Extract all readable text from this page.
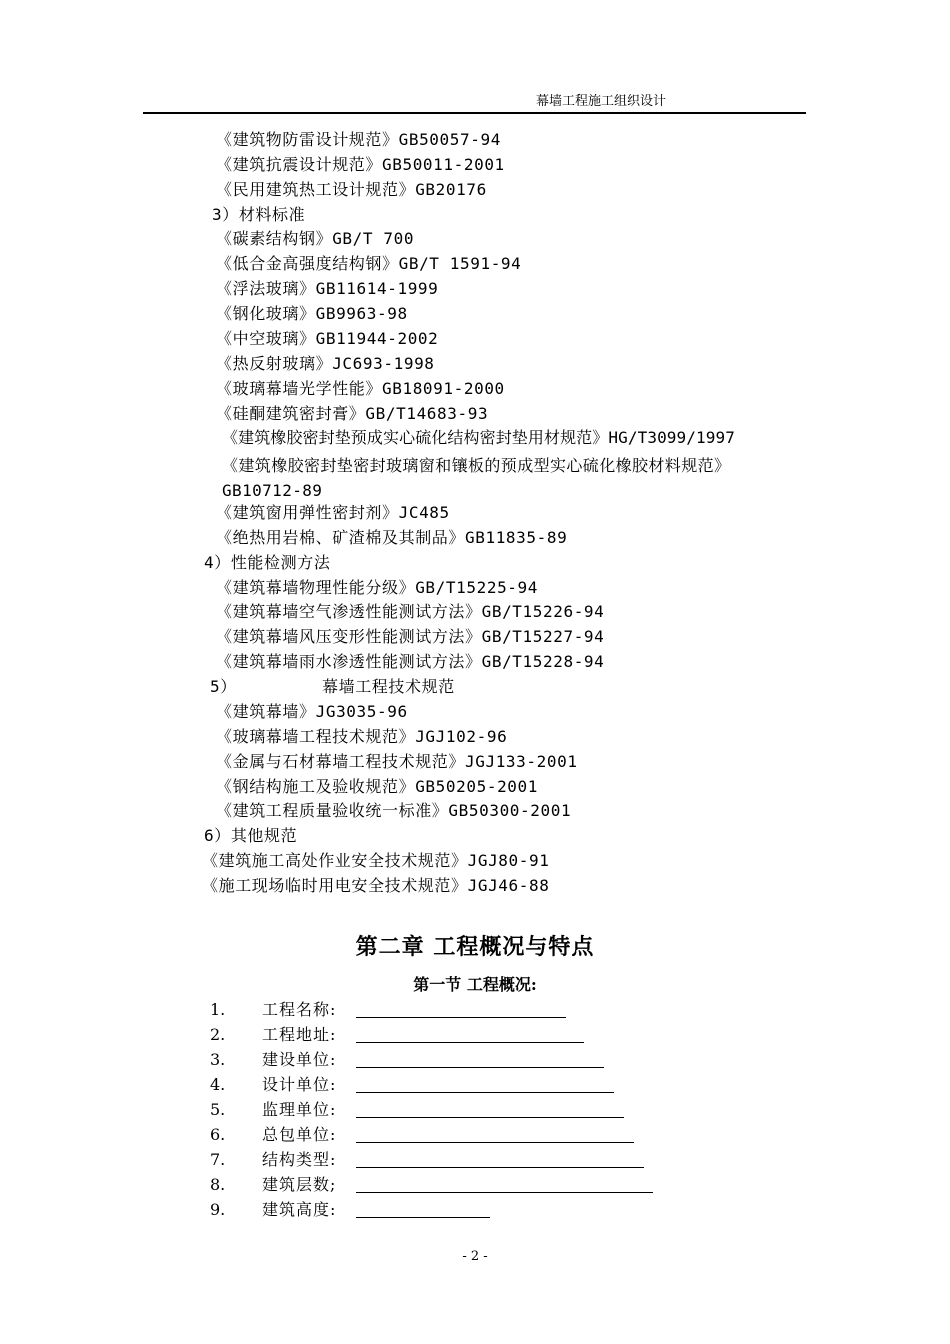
幕墙工程施工组织设计
《建筑物防雷设计规范》GB50057-94
《建筑抗震设计规范》GB50011-2001
《民用建筑热工设计规范》GB20176
3）材料标准
《碳素结构钢》GB/T 700
《低合金高强度结构钢》GB/T 1591-94
《浮法玻璃》GB11614-1999
《钢化玻璃》GB9963-98
《中空玻璃》GB11944-2002
《热反射玻璃》JC693-1998
《玻璃幕墙光学性能》GB18091-2000
《硅酮建筑密封膏》GB/T14683-93
《建筑橡胶密封垫预成实心硫化结构密封垫用材规范》HG/T3099/1997
《建筑橡胶密封垫密封玻璃窗和镶板的预成型实心硫化橡胶材料规范》GB10712-89
《建筑窗用弹性密封剂》JC485
《绝热用岩棉、矿渣棉及其制品》GB11835-89
4）性能检测方法
《建筑幕墙物理性能分级》GB/T15225-94
《建筑幕墙空气渗透性能测试方法》GB/T15226-94
《建筑幕墙风压变形性能测试方法》GB/T15227-94
《建筑幕墙雨水渗透性能测试方法》GB/T15228-94
5）	幕墙工程技术规范
《建筑幕墙》JG3035-96
《玻璃幕墙工程技术规范》JGJ102-96
《金属与石材幕墙工程技术规范》JGJ133-2001
《钢结构施工及验收规范》GB50205-2001
《建筑工程质量验收统一标准》GB50300-2001
6）其他规范
《建筑施工高处作业安全技术规范》JGJ80-91
《施工现场临时用电安全技术规范》JGJ46-88
第二章 工程概况与特点
第一节 工程概况:
1.	工程名称:
2.	工程地址:
3.	建设单位:
4.	设计单位:
5.	监理单位:
6.	总包单位:
7.	结构类型:
8.	建筑层数;
9.	建筑高度:
- 2 -
